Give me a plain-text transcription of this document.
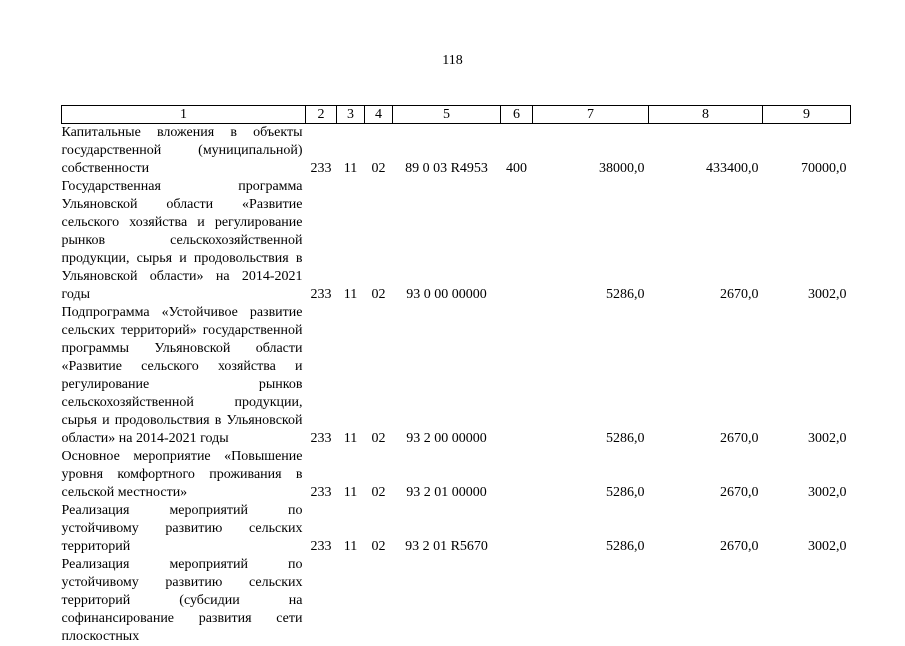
118
1	2	3	4	5	6	7	8	9

Капитальные вложения в объекты государственной (муниципальной) собственности	233	11	02	89 0 03 R4953	400	38000,0	433400,0	70000,0

Государственная программа Ульяновской области «Развитие сельского хозяйства и регулирование рынков сельскохозяйственной продукции, сырья и продовольствия в Ульяновской области» на 2014-2021 годы	233	11	02	93 0 00 00000		5286,0	2670,0	3002,0

Подпрограмма «Устойчивое развитие сельских территорий» государственной программы Ульяновской области «Развитие сельского хозяйства и регулирование рынков сельскохозяйственной продукции, сырья и продовольствия в Ульяновской области» на 2014-2021 годы	233	11	02	93 2 00 00000		5286,0	2670,0	3002,0

Основное мероприятие «Повышение уровня комфортного проживания в сельской местности»	233	11	02	93 2 01 00000		5286,0	2670,0	3002,0

Реализация мероприятий по устойчивому развитию сельских территорий	233	11	02	93 2 01 R5670		5286,0	2670,0	3002,0

Реализация мероприятий по устойчивому развитию сельских территорий (субсидии на софинансирование развития сети плоскостных								
